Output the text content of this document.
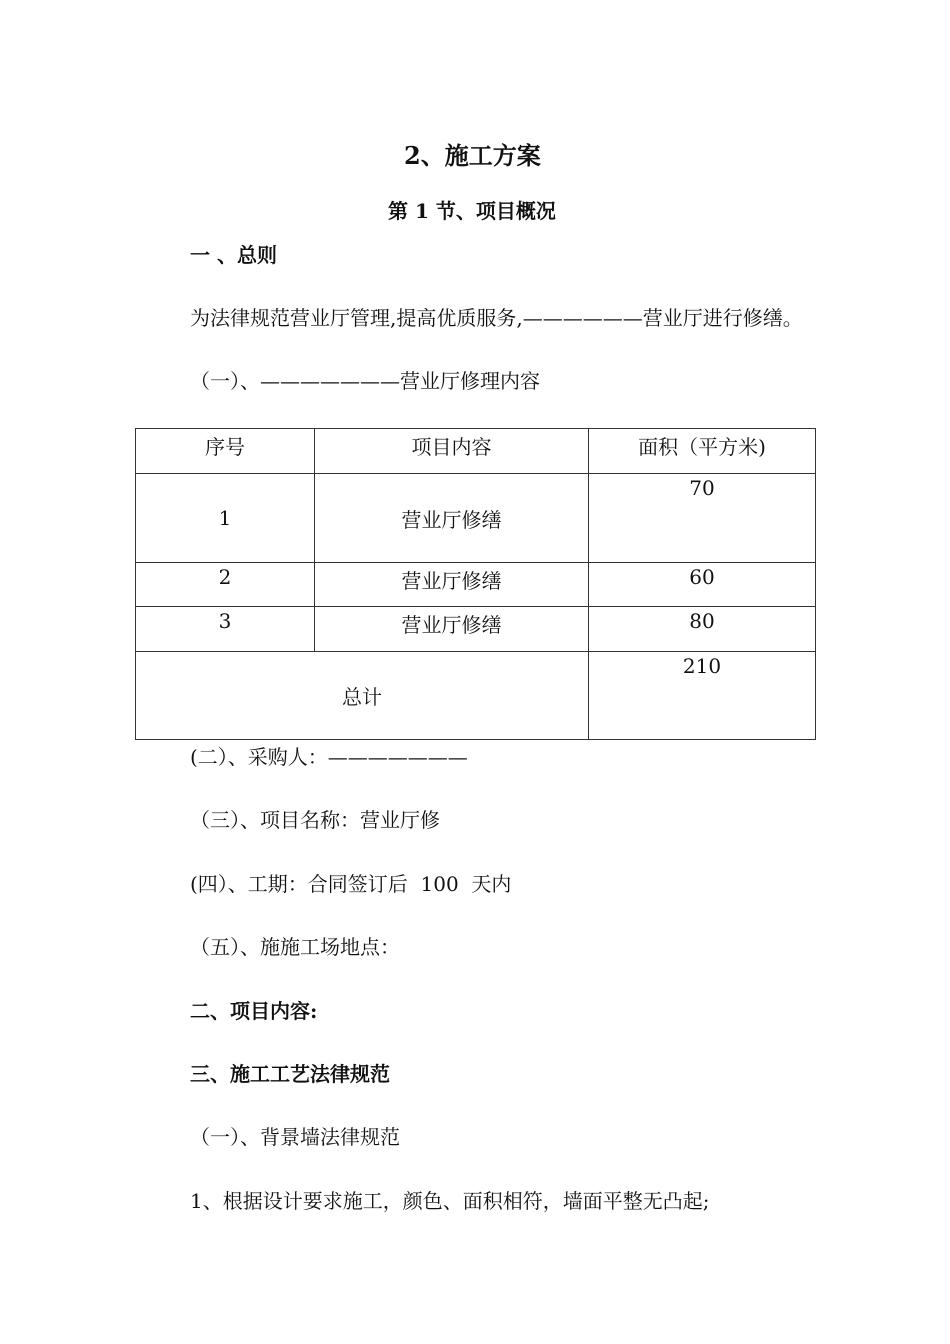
2、施工方案
第 1 节、项目概况
一 、总则
为法律规范营业厅管理,提高优质服务,——————营业厅进行修缮。
（一）、———————营业厅修理内容
序号	项目内容	面积（平方米)
1	营业厅修缮	70
2	营业厅修缮	60
3	营业厅修缮	80
总计		210
(二）、采购人：———————
（三）、项目名称：营业厅修
(四）、工期：合同签订后  100  天内
（五）、施施工场地点：
二、项目内容:
三、施工工艺法律规范
（一）、背景墙法律规范
1、根据设计要求施工，颜色、面积相符，墙面平整无凸起;
